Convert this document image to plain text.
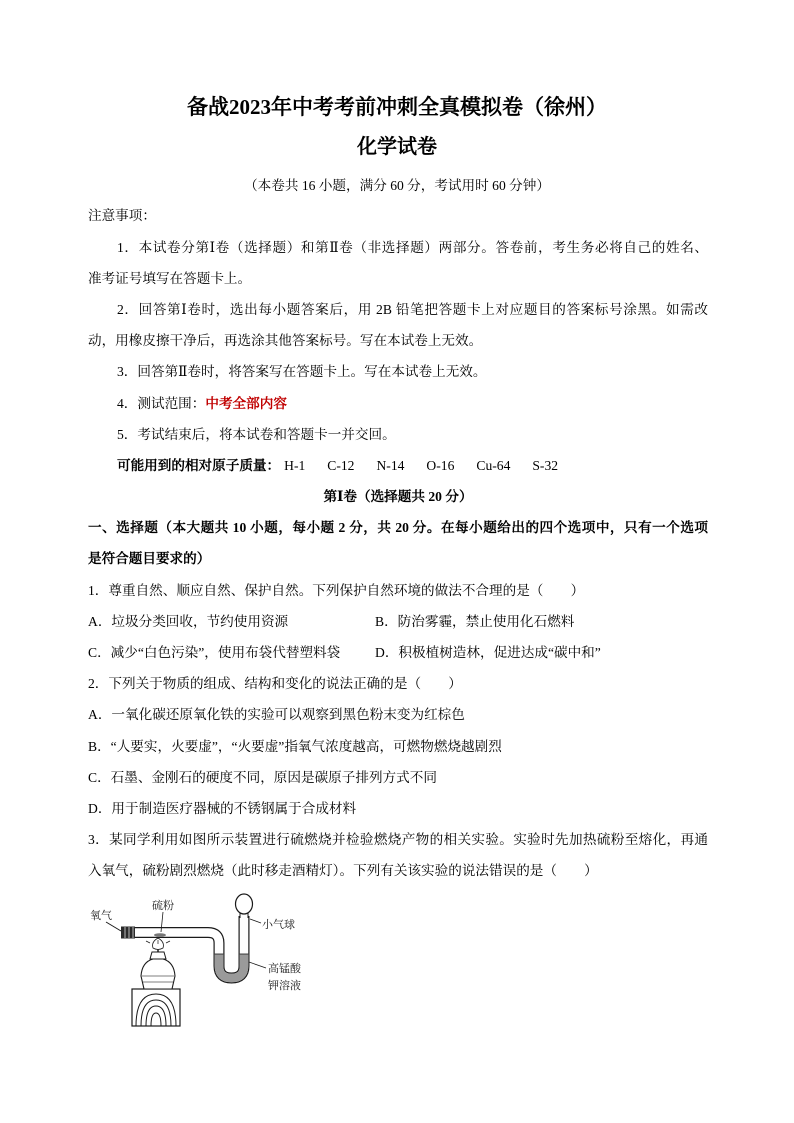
备战2023年中考考前冲刺全真模拟卷（徐州）
化学试卷
（本卷共 16 小题，满分 60 分，考试用时 60 分钟）
注意事项：
1．本试卷分第Ⅰ卷（选择题）和第Ⅱ卷（非选择题）两部分。答卷前，考生务必将自己的姓名、
准考证号填写在答题卡上。
2．回答第Ⅰ卷时，选出每小题答案后，用 2B 铅笔把答题卡上对应题目的答案标号涂黑。如需改
动，用橡皮擦干净后，再选涂其他答案标号。写在本试卷上无效。
3．回答第Ⅱ卷时，将答案写在答题卡上。写在本试卷上无效。
4．测试范围：中考全部内容
5．考试结束后，将本试卷和答题卡一并交回。
可能用到的相对原子质量： H-1 C-12 N-14 O-16 Cu-64 S-32
第Ⅰ卷（选择题共 20 分）
一、选择题（本大题共 10 小题，每小题 2 分，共 20 分。在每小题给出的四个选项中，只有一个选项
是符合题目要求的）
1．尊重自然、顺应自然、保护自然。下列保护自然环境的做法不合理的是（　　）
A．垃圾分类回收，节约使用资源	B．防治雾霾，禁止使用化石燃料
C．减少“白色污染”，使用布袋代替塑料袋	D．积极植树造林，促进达成“碳中和”
2．下列关于物质的组成、结构和变化的说法正确的是（　　）
A．一氧化碳还原氧化铁的实验可以观察到黑色粉末变为红棕色
B．“人要实，火要虚”，“火要虚”指氧气浓度越高，可燃物燃烧越剧烈
C．石墨、金刚石的硬度不同，原因是碳原子排列方式不同
D．用于制造医疗器械的不锈钢属于合成材料
3．某同学利用如图所示装置进行硫燃烧并检验燃烧产物的相关实验。实验时先加热硫粉至熔化，再通
入氧气，硫粉剧烈燃烧（此时移走酒精灯）。下列有关该实验的说法错误的是（　　）
氧气
硫粉
小气球
高锰酸
钾溶液
